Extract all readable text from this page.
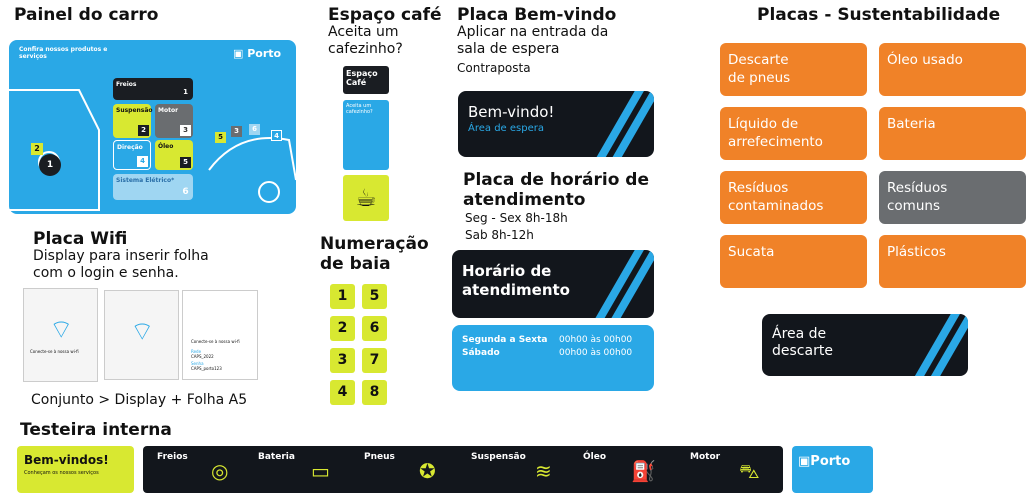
Painel do carro
Confira nossos produtos e serviços	▣ Porto
Freios
1
Suspensão
2
Motor
3
Direção
4
Óleo
5
Sistema Elétrico*
6
2
1
5
3	6
4
Placa Wifi
Display para inserir folha
com o login e senha.
⌔
Conecte-se à nossa wi-fi
⌔	Conecte-se à nossa wi-fi
Rede
CAPS_2022
Senha
CAPS_porto123
Conjunto > Display + Folha A5
Espaço café
Aceita um
cafezinho?
Espaço Café
Aceita um cafezinho?
☕
Numeração
de baia
1	5
2	6
3	7
4	8
Placa Bem-vindo
Aplicar na entrada da
sala de espera
Contraposta
Bem-vindo!
Área de espera
Placa de horário de
atendimento
Seg - Sex 8h-18h
Sab 8h-12h
Horário de
atendimento
Segunda a Sexta 00h00 às 00h00
Sábado	00h00 às 00h00
Placas - Sustentabilidade
Descarte
de pneus
Óleo usado
Líquido de
arrefecimento
Bateria
Resíduos
contaminados
Resíduos
comuns
Sucata	Plásticos
Área de
descarte
Testeira interna
Bem-vindos!
Conheçam os nossos serviços
Freios
◎
Bateria
▭
Pneus
✪
Suspensão
≋
Óleo
⛽
Motor
⛍	▣Porto
